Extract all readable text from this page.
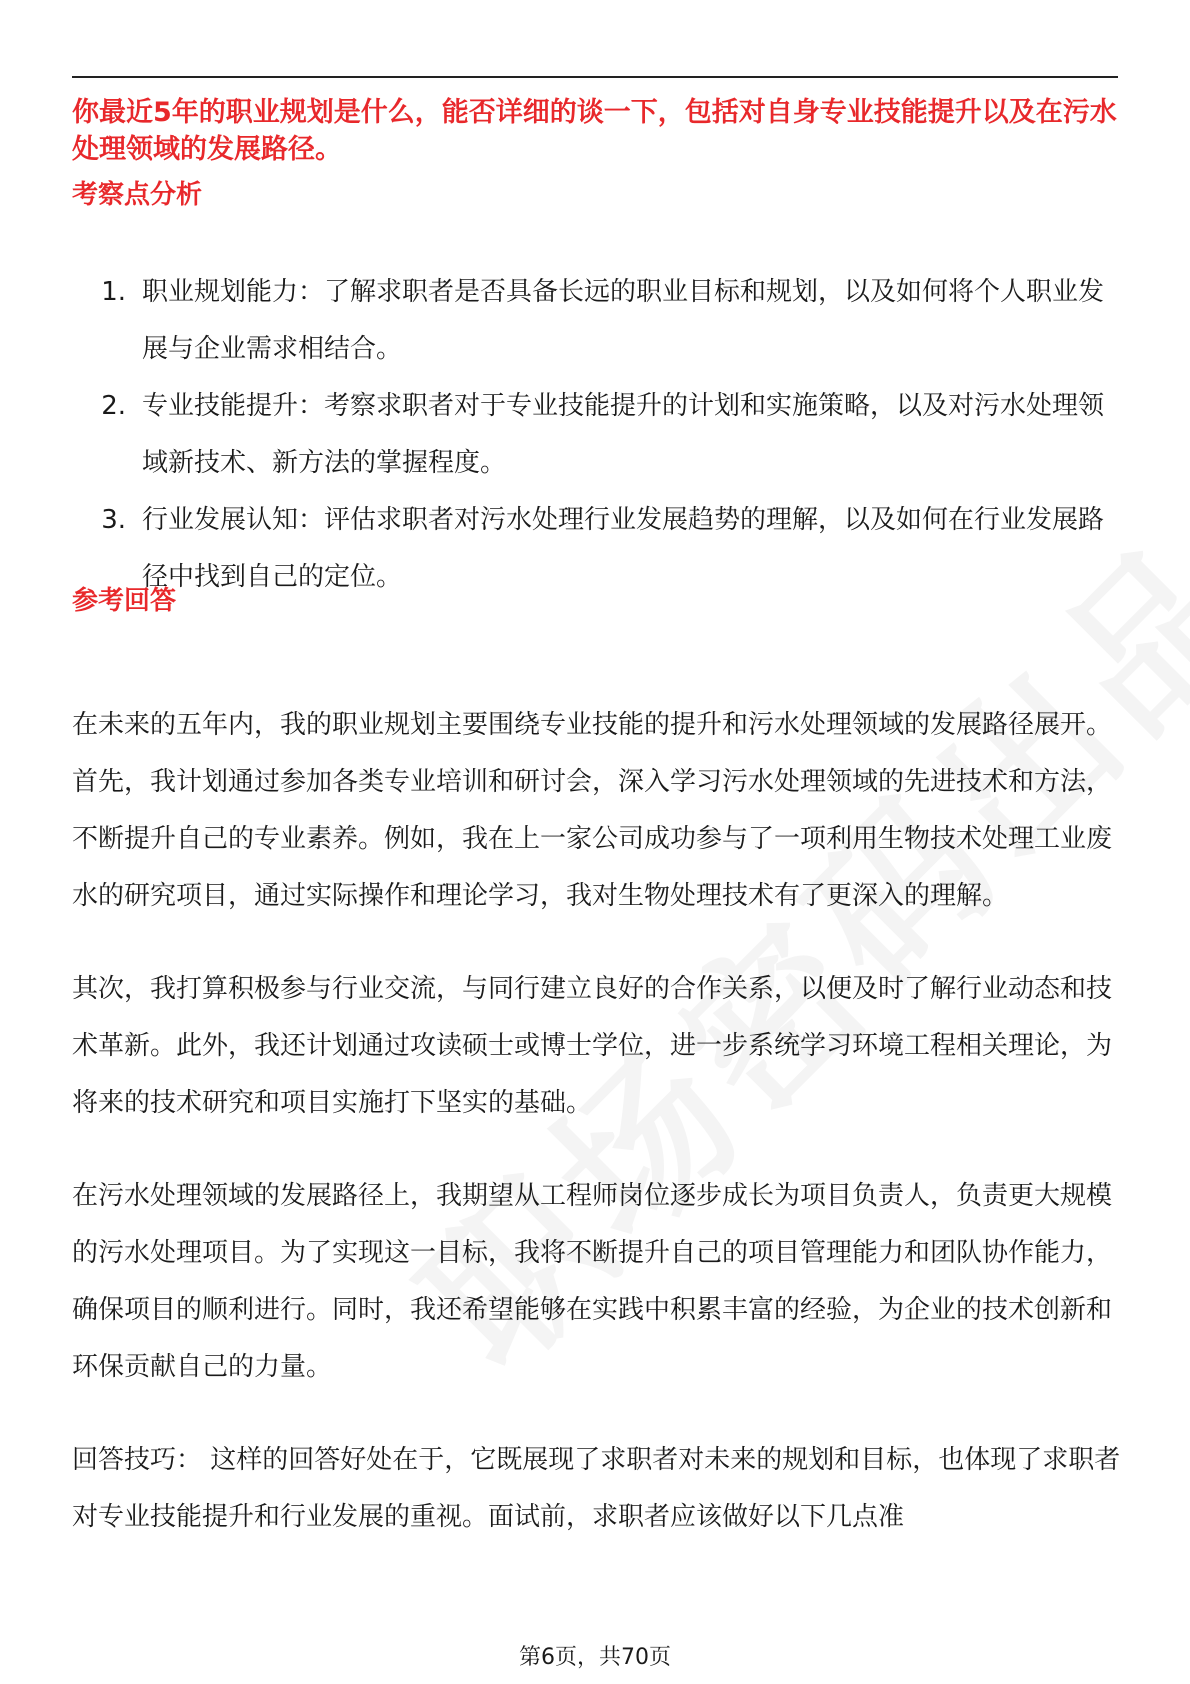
你最近5年的职业规划是什么，能否详细的谈一下，包括对自身专业技能提升以及在污水处理领域的发展路径。
考察点分析
1. 职业规划能力：了解求职者是否具备长远的职业目标和规划，以及如何将个人职业发展与企业需求相结合。
2. 专业技能提升：考察求职者对于专业技能提升的计划和实施策略，以及对污水处理领域新技术、新方法的掌握程度。
3. 行业发展认知：评估求职者对污水处理行业发展趋势的理解，以及如何在行业发展路径中找到自己的定位。
参考回答

在未来的五年内，我的职业规划主要围绕专业技能的提升和污水处理领域的发展路径展开。首先，我计划通过参加各类专业培训和研讨会，深入学习污水处理领域的先进技术和方法，不断提升自己的专业素养。例如，我在上一家公司成功参与了一项利用生物技术处理工业废水的研究项目，通过实际操作和理论学习，我对生物处理技术有了更深入的理解。

其次，我打算积极参与行业交流，与同行建立良好的合作关系，以便及时了解行业动态和技术革新。此外，我还计划通过攻读硕士或博士学位，进一步系统学习环境工程相关理论，为将来的技术研究和项目实施打下坚实的基础。

在污水处理领域的发展路径上，我期望从工程师岗位逐步成长为项目负责人，负责更大规模的污水处理项目。为了实现这一目标，我将不断提升自己的项目管理能力和团队协作能力，确保项目的顺利进行。同时，我还希望能够在实践中积累丰富的经验，为企业的技术创新和环保贡献自己的力量。

回答技巧： 这样的回答好处在于，它既展现了求职者对未来的规划和目标，也体现了求职者对专业技能提升和行业发展的重视。面试前，求职者应该做好以下几点准

第6页，共70页
